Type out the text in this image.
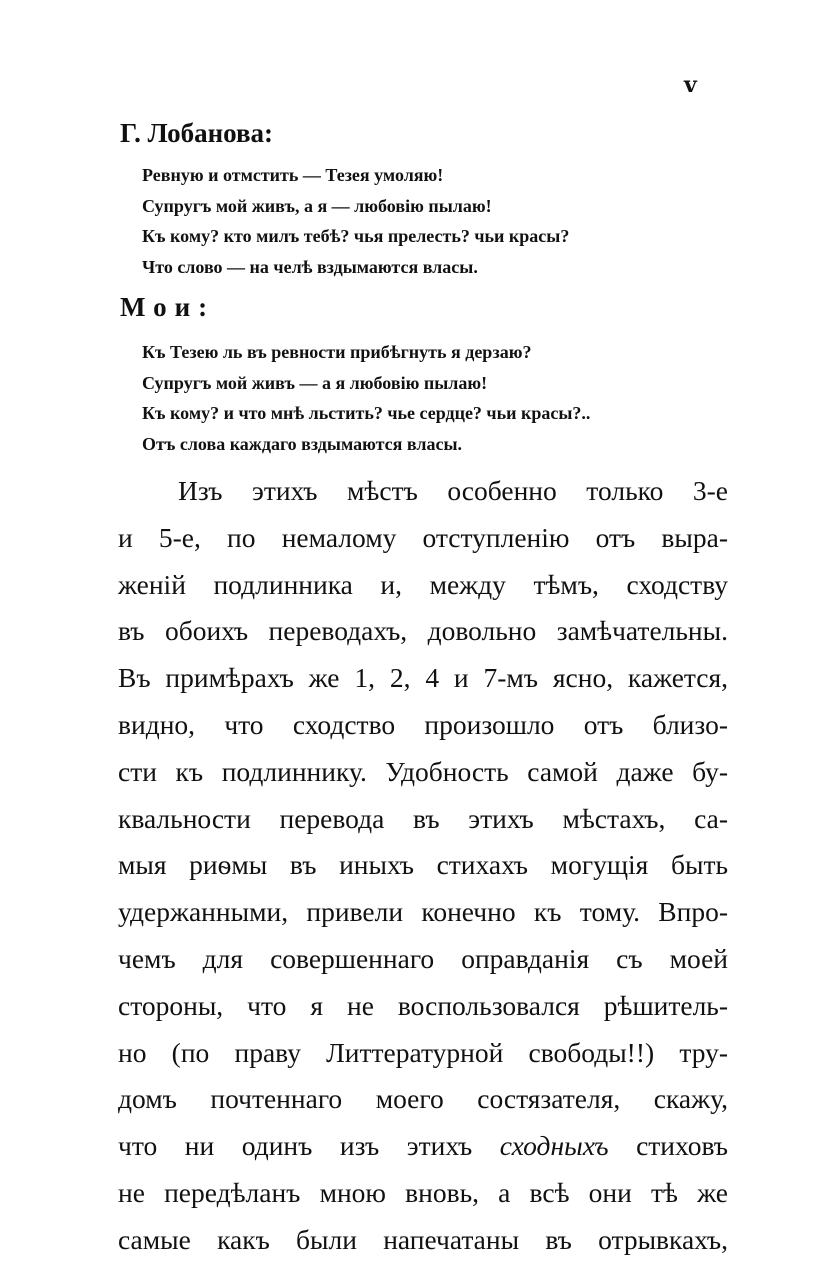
v
Г. Лобанова:
Ревную и отмстить — Тезея умоляю!
Супругъ мой живъ, а я — любовію пылаю!
Къ кому? кто милъ тебѣ? чья прелесть? чьи красы?
Что слово — на челѣ вздымаются власы.
Мои:
Къ Тезею ль въ ревности прибѣгнуть я дерзаю?
Супругъ мой живъ — а я любовію пылаю!
Къ кому? и что мнѣ льстить? чье сердце? чьи красы?..
Отъ слова каждаго вздымаются власы.
Изъ этихъ мѣстъ особенно только 3-е
и 5-е, по немалому отступленію отъ выра-
женій подлинника и, между тѣмъ, сходству
въ обоихъ переводахъ, довольно замѣчательны.
Въ примѣрахъ же 1, 2, 4 и 7-мъ ясно, кажется,
видно, что сходство произошло отъ близо-
сти къ подлиннику. Удобность самой даже бу-
квальности перевода въ этихъ мѣстахъ, са-
мыя риѳмы въ иныхъ стихахъ могущія быть
удержанными, привели конечно къ тому. Впро-
чемъ для совершеннаго оправданія съ моей
стороны, что я не воспользовался рѣшитель-
но (по праву Литтературной свободы!!) тру-
домъ почтеннаго моего состязателя, скажу,
что ни одинъ изъ этихъ сходныхъ стиховъ
не передѣланъ мною вновь, а всѣ они тѣ же
самые какъ были напечатаны въ отрывкахъ,
